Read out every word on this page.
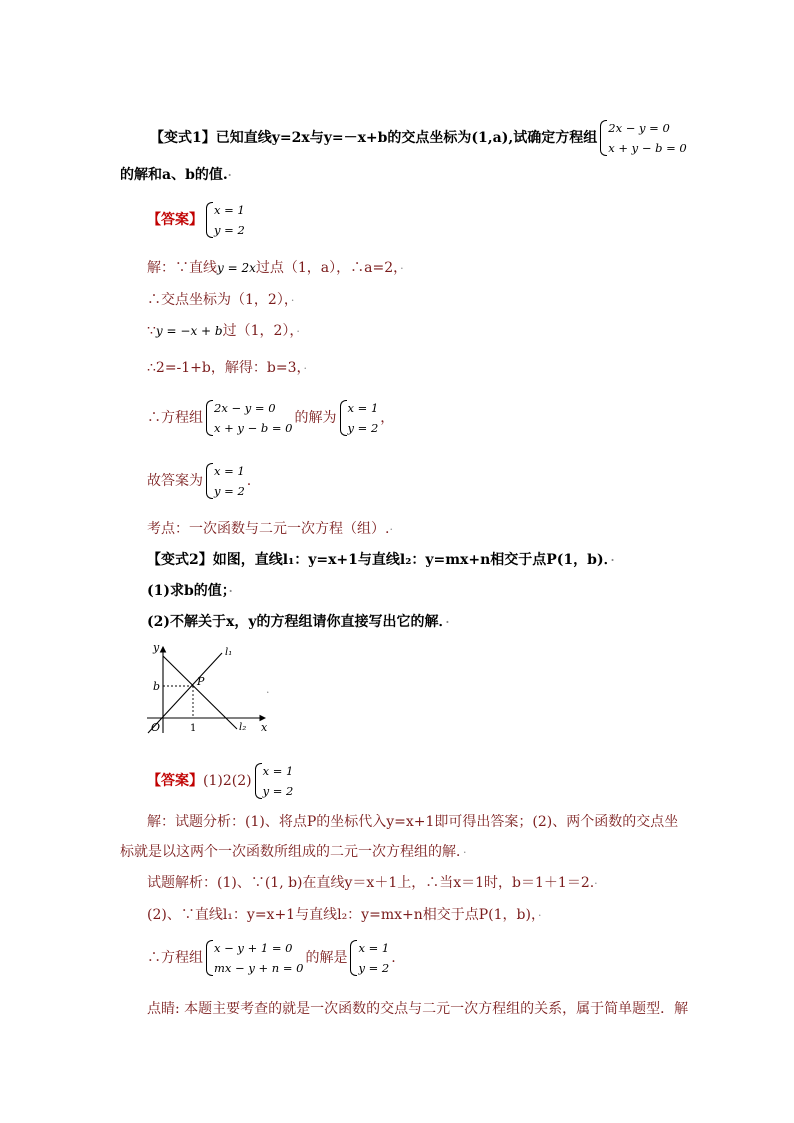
【变式1】已知直线y=2x与y=－x+b的交点坐标为(1,a),试确定方程组
2x − y = 0
x + y − b = 0
的解和a、b的值.·
【答案】
x = 1
y = 2
解：∵直线y = 2x过点（1，a），∴a=2，·
∴交点坐标为（1，2），·
∵y = −x + b过（1，2），·
∴2=-1+b，解得：b=3，·
∴方程组
2x − y = 0
x + y − b = 0
的解为
x = 1
y = 2
，
故答案为
x = 1
y = 2
.
考点：一次函数与二元一次方程（组）.·
【变式2】如图，直线l₁：y=x+1与直线l₂：y=mx+n相交于点P(1，b)．·
(1)求b的值；·
(2)不解关于x，y的方程组请你直接写出它的解．·
y
x
O	1
b	P
l₁
l₂
·
【答案】(1)2(2)
x = 1
y = 2
解：试题分析：(1)、将点P的坐标代入y=x+1即可得出答案；(2)、两个函数的交点坐
标就是以这两个一次函数所组成的二元一次方程组的解．·
试题解析：(1)、∵(1, b)在直线y＝x＋1上，∴当x＝1时，b＝1＋1＝2.·
(2)、∵直线l₁：y=x+1与直线l₂：y=mx+n相交于点P(1，b)，·
∴方程组
x − y + 1 = 0
mx − y + n = 0
的解是
x = 1
y = 2
.
点睛: 本题主要考查的就是一次函数的交点与二元一次方程组的关系，属于简单题型．解
